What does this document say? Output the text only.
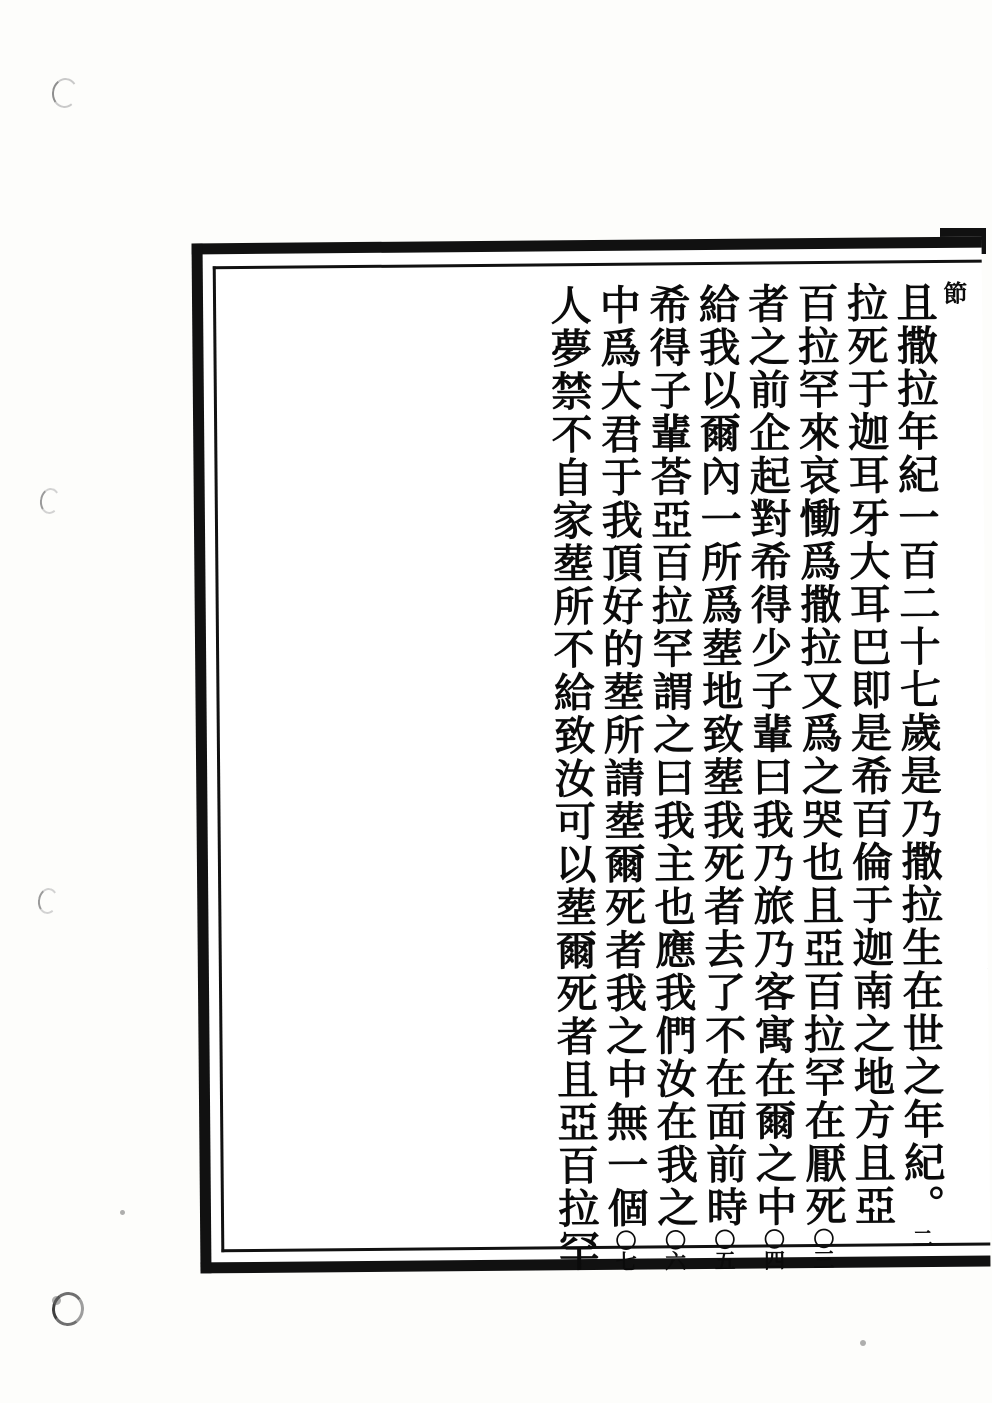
節
且撒拉年紀一百二十七歲是乃撒拉生在世之年紀。二
拉死于迦耳牙大耳巴即是希百倫于迦南之地方且亞
百拉罕來哀慟爲撒拉又爲之哭也且亞百拉罕在厭死〇三
者之前企起對希得少子輩曰我乃旅乃客寓在爾之中〇四
給我以爾內一所爲塟地致塟我死者去了不在面前時〇五
希得子輩荅亞百拉罕謂之曰我主也應我們汝在我之〇六
中爲大君于我頂好的塟所請塟爾死者我之中無一個〇七
人夢禁不自家塟所不給致汝可以塟爾死者且亞百拉罕
